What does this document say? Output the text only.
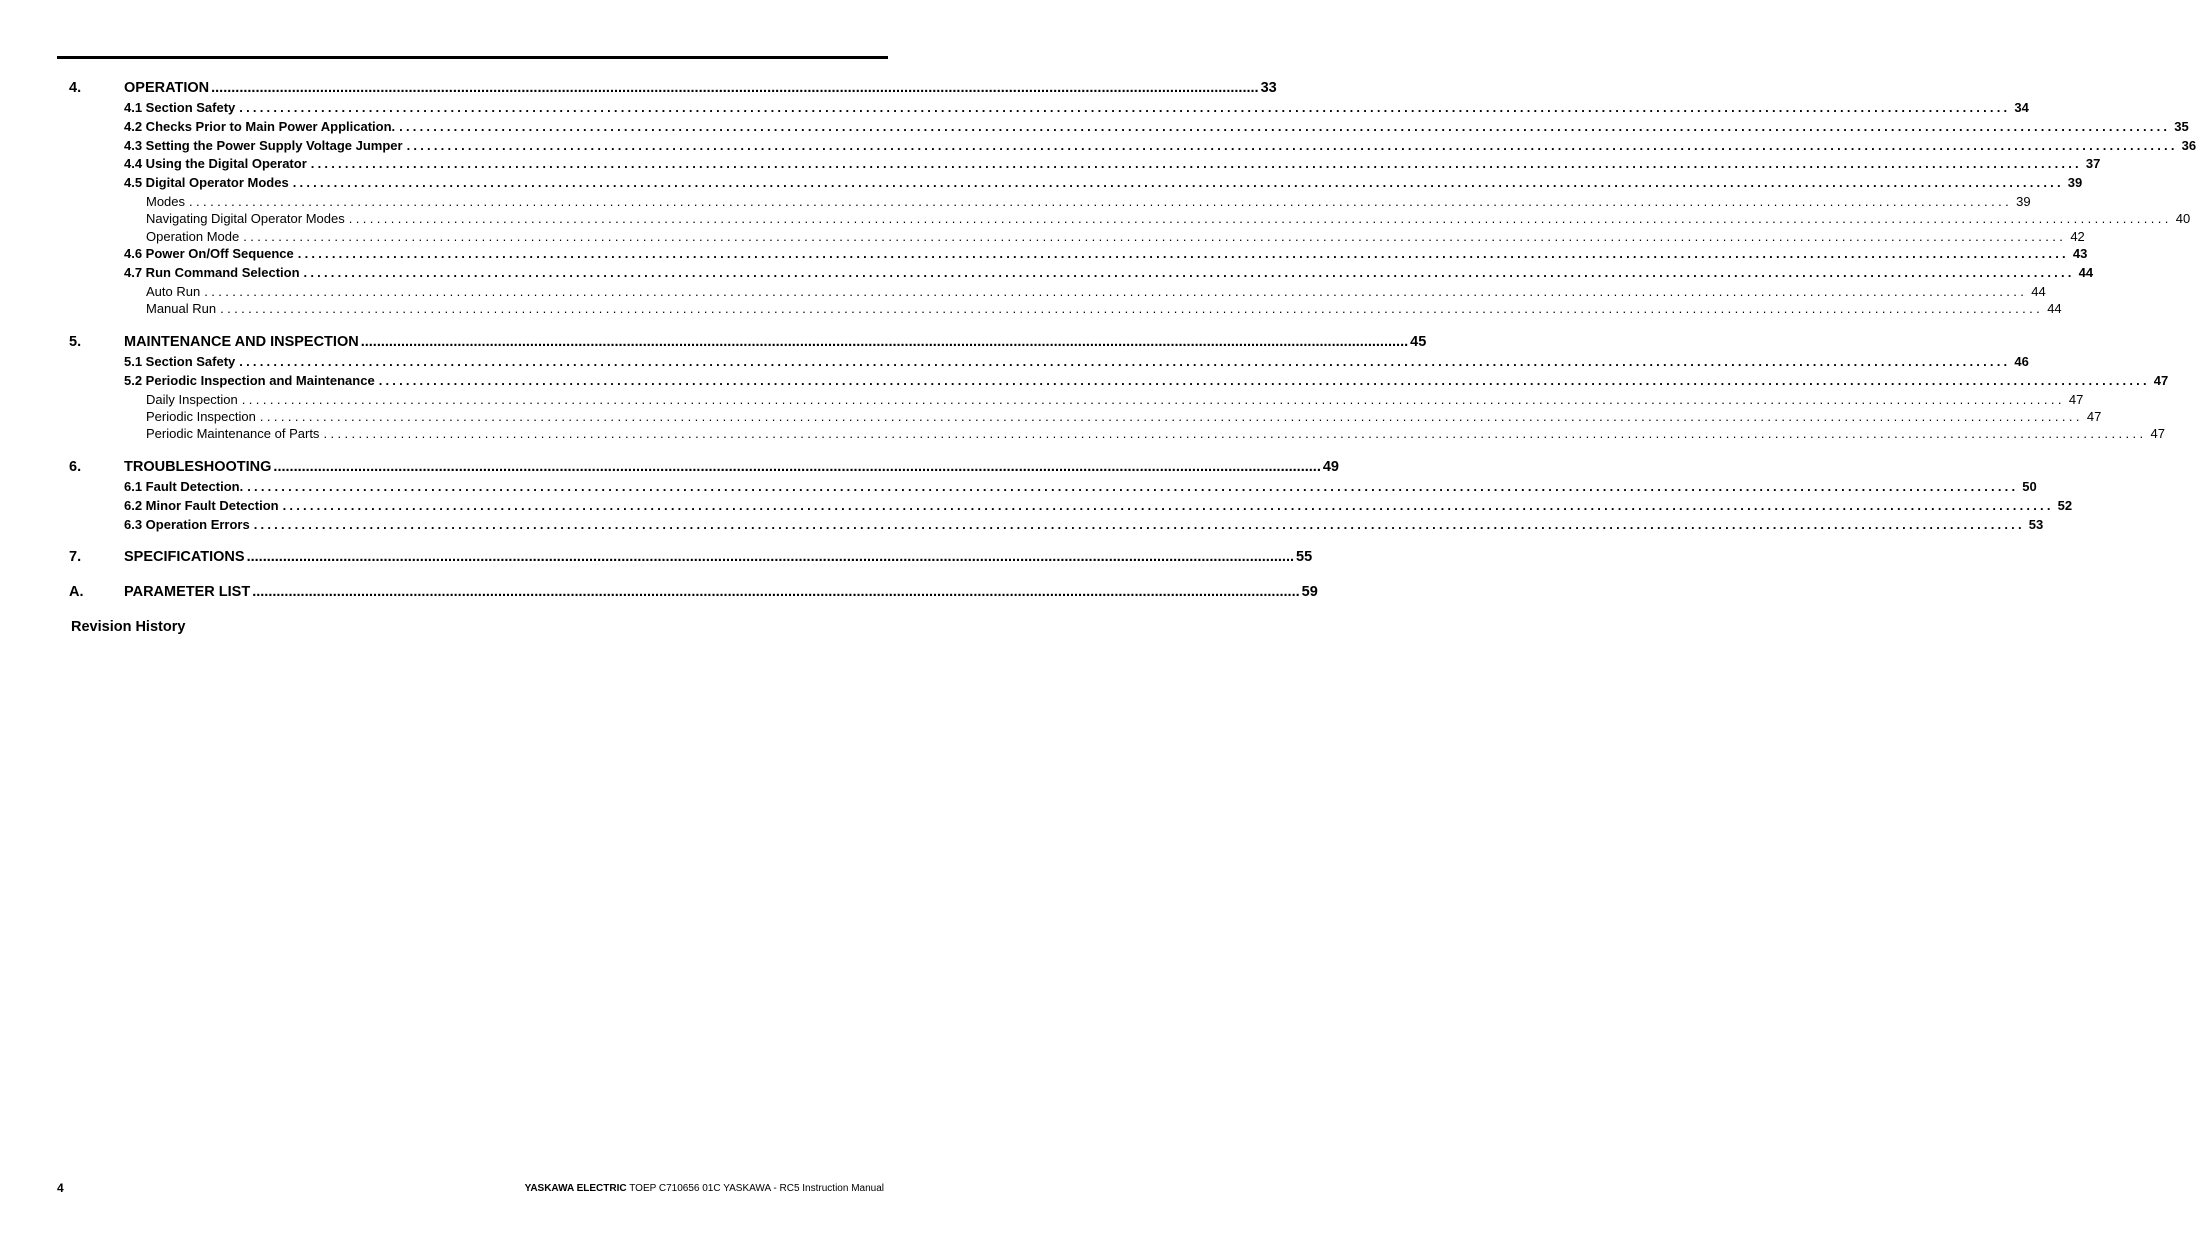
4.	OPERATION .................................................................................................................................................................................................................................................................... 33
4.1 Section Safety .................................................................................................................................................................................................................................................................... 34
4.2 Checks Prior to Main Power Application. .................................................................................................................................................................................................................................................................... 35
4.3 Setting the Power Supply Voltage Jumper .................................................................................................................................................................................................................................................................... 36
4.4 Using the Digital Operator .................................................................................................................................................................................................................................................................... 37
4.5 Digital Operator Modes .................................................................................................................................................................................................................................................................... 39
Modes .................................................................................................................................................................................................................................................................... 39
Navigating Digital Operator Modes .................................................................................................................................................................................................................................................................... 40
Operation Mode .................................................................................................................................................................................................................................................................... 42
4.6 Power On/Off Sequence .................................................................................................................................................................................................................................................................... 43
4.7 Run Command Selection .................................................................................................................................................................................................................................................................... 44
Auto Run .................................................................................................................................................................................................................................................................... 44
Manual Run .................................................................................................................................................................................................................................................................... 44
5.	MAINTENANCE AND INSPECTION .................................................................................................................................................................................................................................................................... 45
5.1 Section Safety .................................................................................................................................................................................................................................................................... 46
5.2 Periodic Inspection and Maintenance .................................................................................................................................................................................................................................................................... 47
Daily Inspection .................................................................................................................................................................................................................................................................... 47
Periodic Inspection .................................................................................................................................................................................................................................................................... 47
Periodic Maintenance of Parts .................................................................................................................................................................................................................................................................... 47
6.	TROUBLESHOOTING .................................................................................................................................................................................................................................................................... 49
6.1 Fault Detection. .................................................................................................................................................................................................................................................................... 50
6.2 Minor Fault Detection .................................................................................................................................................................................................................................................................... 52
6.3 Operation Errors .................................................................................................................................................................................................................................................................... 53
7.	SPECIFICATIONS .................................................................................................................................................................................................................................................................... 55
A.	PARAMETER LIST .................................................................................................................................................................................................................................................................... 59
Revision History
4	YASKAWA ELECTRIC TOEP C710656 01C YASKAWA - RC5 Instruction Manual
